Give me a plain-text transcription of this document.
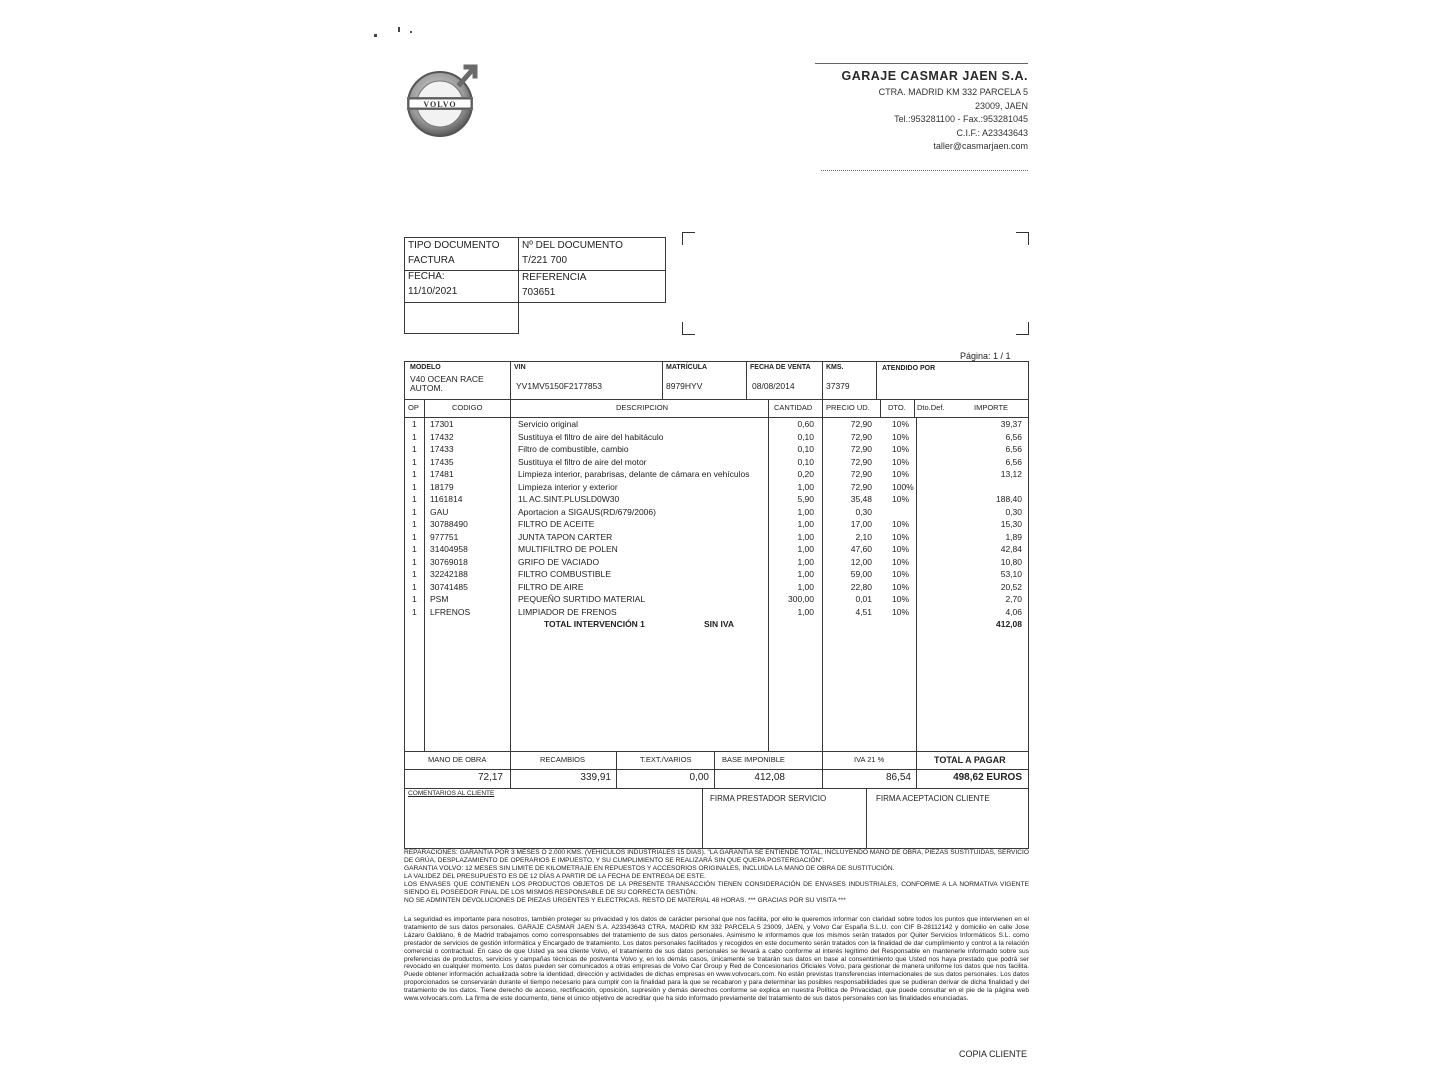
VOLVO
GARAJE CASMAR JAEN S.A.
CTRA. MADRID KM 332 PARCELA 5
23009, JAEN
Tel.:953281100 - Fax.:953281045
C.I.F.: A23343643
taller@casmarjaen.com
TIPO DOCUMENTO
FACTURA
Nº DEL DOCUMENTO
T/221 700
FECHA:
11/10/2021
REFERENCIA
703651
Página: 1 / 1
MODELO
V40 OCEAN RACE
AUTOM.
VIN
YV1MV5150F2177853
MATRÍCULA
8979HYV
FECHA DE VENTA
08/08/2014
KMS.
37379
ATENDIDO POR
OP	CODIGO	DESCRIPCION	CANTIDAD PRECIO UD. DTO. Dto.Def.	IMPORTE
1 17301	Servicio original	0,60	72,90 10%	39,37
1 17432	Sustituya el filtro de aire del habitáculo	0,10	72,90 10%	6,56
1 17433	Filtro de combustible, cambio	0,10	72,90 10%	6,56
1 17435	Sustituya el filtro de aire del motor	0,10	72,90 10%	6,56
1 17481	Limpieza interior, parabrisas, delante de cámara en vehículos	0,20	72,90 10%	13,12
1 18179	Limpieza interior y exterior	1,00	72,90 100%
1 1161814	1L AC.SINT.PLUSLD0W30	5,90	35,48 10%	188,40
1 GAU	Aportacion a SIGAUS(RD/679/2006)	1,00	0,30	0,30
1 30788490	FILTRO DE ACEITE	1,00	17,00 10%	15,30
1 977751	JUNTA TAPON CARTER	1,00	2,10 10%	1,89
1 31404958	MULTIFILTRO DE POLEN	1,00	47,60 10%	42,84
1 30769018	GRIFO DE VACIADO	1,00	12,00 10%	10,80
1 32242188	FILTRO COMBUSTIBLE	1,00	59,00 10%	53,10
1 30741485	FILTRO DE AIRE	1,00	22,80 10%	20,52
1 PSM	PEQUEÑO SURTIDO MATERIAL	300,00	0,01 10%	2,70
1 LFRENOS	LIMPIADOR DE FRENOS	1,00	4,51 10%	4,06
TOTAL INTERVENCIÓN 1	SIN IVA	412,08
MANO DE OBRA
72,17
RECAMBIOS
339,91
T.EXT./VARIOS
0,00
BASE IMPONIBLE
412,08
IVA 21 %
86,54
TOTAL A PAGAR
498,62 EUROS
COMENTARIOS AL CLIENTE
FIRMA PRESTADOR SERVICIO	FIRMA ACEPTACION CLIENTE
REPARACIONES: GARANTIA POR 3 MESES O 2.000 KMS. (VEHICULOS INDUSTRIALES 15 DIAS). "LA GARANTIA SE ENTIENDE TOTAL, INCLUYENDO MANO DE OBRA, PIEZAS SUSTITUIDAS, SERVICIO DE GRÚA, DESPLAZAMIENTO DE OPERARIOS E IMPUESTO, Y SU CUMPLIMIENTO SE REALIZARÁ SIN QUE QUEPA POSTERGACIÓN".
GARANTIA VOLVO: 12 MESES SIN LIMITE DE KILOMETRAJE EN REPUESTOS Y ACCESORIOS ORIGINALES, INCLUIDA LA MANO DE OBRA DE SUSTITUCIÓN.
LA VALIDEZ DEL PRESUPUESTO ES DE 12 DÍAS A PARTIR DE LA FECHA DE ENTREGA DE ESTE.
LOS ENVASES QUE CONTIENEN LOS PRODUCTOS OBJETOS DE LA PRESENTE TRANSACCIÓN TIENEN CONSIDERACIÓN DE ENVASES INDUSTRIALES, CONFORME A LA NORMATIVA VIGENTE SIENDO EL POSEEDOR FINAL DE LOS MISMOS RESPONSABLE DE SU CORRECTA GESTIÓN.
NO SE ADMINTEN DEVOLUCIONES DE PIEZAS URGENTES Y ELECTRICAS. RESTO DE MATERIAL 48 HORAS. *** GRACIAS POR SU VISITA ***
La seguridad es importante para nosotros, también proteger su privacidad y los datos de carácter personal que nos facilita, por ello le queremos informar con claridad sobre todos los puntos que intervienen en el tratamiento de sus datos personales. GARAJE CASMAR JAEN S.A. A23343643 CTRA. MADRID KM 332 PARCELA 5 23009, JAEN, y Volvo Car España S.L.U. con CIF B-28112142 y domicilio en calle Jose Lázaro Galdiano, 6 de Madrid trabajamos como corresponsables del tratamiento de sus datos personales. Asimismo le informamos que los mismos serán tratados por Quiter Servicios Informáticos S.L. como prestador de servicios de gestión informática y Encargado de tratamiento. Los datos personales facilitados y recogidos en este documento serán tratados con la finalidad de dar cumplimiento y control a la relación comercial o contractual. En caso de que Usted ya sea cliente Volvo, el tratamiento de sus datos personales se llevará a cabo conforme al interés legítimo del Responsable en mantenerle informado sobre sus preferencias de productos, servicios y campañas técnicas de postventa Volvo y, en los demás casos, únicamente se tratarán sus datos en base al consentimiento que Usted nos haya prestado que podrá ser revocado en cualquier momento. Los datos pueden ser comunicados a otras empresas de Volvo Car Group y Red de Concesionarios Oficiales Volvo, para gestionar de manera uniforme los datos que nos facilita. Puede obtener información actualizada sobre la identidad, dirección y actividades de dichas empresas en www.volvocars.com. No están previstas transferencias internacionales de sus datos personales. Los datos proporcionados se conservarán durante el tiempo necesario para cumplir con la finalidad para la que se recabaron y para determinar las posibles responsabilidades que se pudieran derivar de dicha finalidad y del tratamiento de los datos. Tiene derecho de acceso, rectificación, oposición, supresión y demás derechos conforme se explica en nuestra Política de Privacidad, que puede consultar en el pie de la página web www.volvocars.com. La firma de este documento, tiene el único objetivo de acreditar que ha sido informado previamente del tratamiento de sus datos personales con las finalidades enunciadas.
COPIA CLIENTE
